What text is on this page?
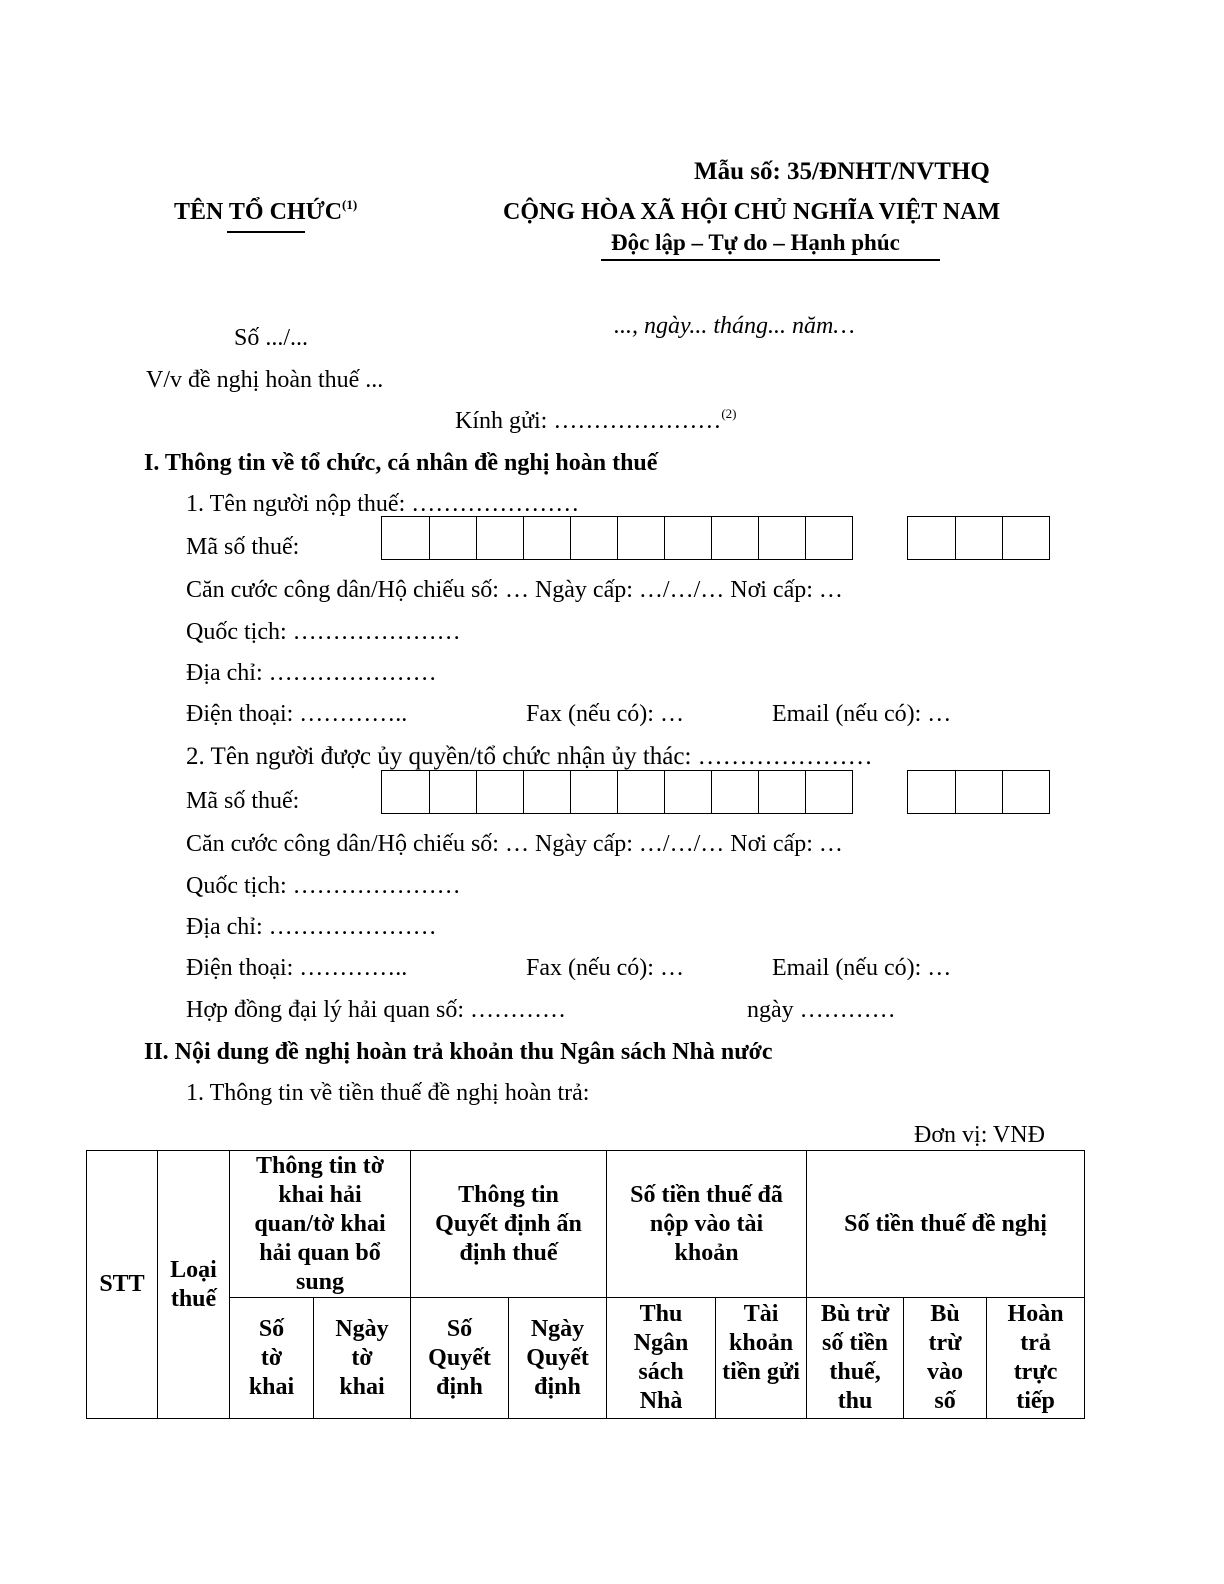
Mẫu số: 35/ĐNHT/NVTHQ
TÊN TỔ CHỨC$^{(1)}$	CỘNG HÒA XÃ HỘI CHỦ NGHĨA VIỆT NAM
Độc lập – Tự do – Hạnh phúc
Số .../...	..., ngày... tháng... năm…
V/v đề nghị hoàn thuế ...
Kính gửi: …………………$^{(2)}$
I. Thông tin về tổ chức, cá nhân đề nghị hoàn thuế
1. Tên người nộp thuế: …………………
Mã số thuế:
Căn cước công dân/Hộ chiếu số: … Ngày cấp: …/…/… Nơi cấp: …
Quốc tịch: …………………
Địa chỉ: …………………
Điện thoại: …………..	Fax (nếu có): …	Email (nếu có): …
2. Tên người được ủy quyền/tổ chức nhận ủy thác: …………………
Mã số thuế:
Căn cước công dân/Hộ chiếu số: … Ngày cấp: …/…/… Nơi cấp: …
Quốc tịch: …………………
Địa chỉ: …………………
Điện thoại: …………..	Fax (nếu có): …	Email (nếu có): …
Hợp đồng đại lý hải quan số: …………	ngày …………
II. Nội dung đề nghị hoàn trả khoản thu Ngân sách Nhà nước
1. Thông tin về tiền thuế đề nghị hoàn trả:
Đơn vị: VNĐ
STT	Loại thuế	Thông tin tờ khai hải quan/tờ khai hải quan bổ sung		Thông tin Quyết định ấn định thuế		Số tiền thuế đã nộp vào tài khoản		Số tiền thuế đề nghị		
		Số tờ khai	Ngày tờ khai	Số Quyết định	Ngày Quyết định	Thu Ngân sách Nhà	Tài khoản tiền gửi	Bù trừ số tiền thuế, thu	Bù trừ vào số	Hoàn trả trực tiếp
